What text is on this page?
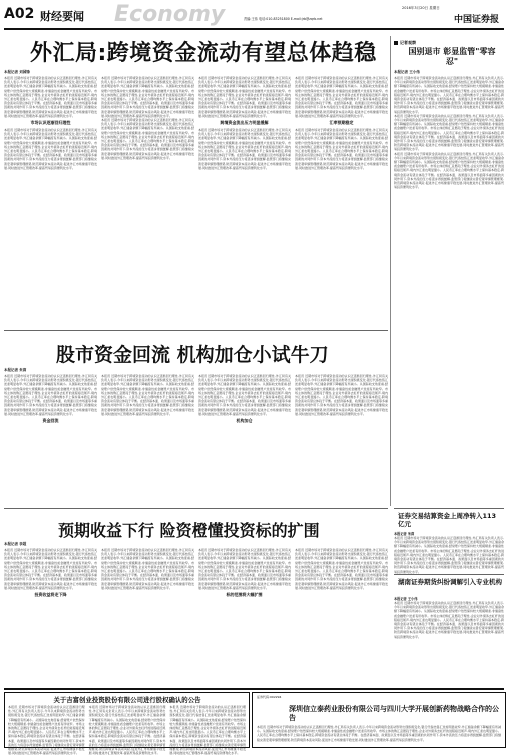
A02 财经要闻 Economy	2016年3月20日 星期日
责编:王伟 电话:010-83251800 E-mail:jrb@zqrb.net	中国证券报
外汇局:跨境资金流动有望总体趋稳
本报记者 刘国锋
本报讯 近期市场对于跨境资金流动的认识正逐渐回归理性,外汇局有关负责人表示,今年以来跨境资金流动形势出现积极变化,银行代客结售汇逆差明显收窄,外汇储备余额下降幅度有所减小。从国际收支角度看,经常账户依然保持较大规模顺差,非储备性质金融账户逆差有所收窄。市场主体的购汇意愿趋于理性,企业对外债务去杠杆的进程接近尾声,境内外汇差也明显缩小。人民币汇率在合理均衡水平上保持基本稳定,跨境资金流动有望总体趋于平衡。在经济基本面、政策面以及市场面等多重因素的共同作用下,资本外流的压力将逐步得到缓解,监管部门将继续完善宏观审慎管理框架,防范跨境资本流动风险,促进外汇市场健康平稳发展,同时推进外汇管理改革,提高贸易投资便利化水平。
市场认识逐渐回归理性
本报讯 近期市场对于跨境资金流动的认识正逐渐回归理性,外汇局有关负责人表示,今年以来跨境资金流动形势出现积极变化,银行代客结售汇逆差明显收窄,外汇储备余额下降幅度有所减小。从国际收支角度看,经常账户依然保持较大规模顺差,非储备性质金融账户逆差有所收窄。市场主体的购汇意愿趋于理性,企业对外债务去杠杆的进程接近尾声,境内外汇差也明显缩小。人民币汇率在合理均衡水平上保持基本稳定,跨境资金流动有望总体趋于平衡。在经济基本面、政策面以及市场面等多重因素的共同作用下,资本外流的压力将逐步得到缓解,监管部门将继续完善宏观审慎管理框架,防范跨境资本流动风险,促进外汇市场健康平稳发展,同时推进外汇管理改革,提高贸易投资便利化水平。
本报讯 近期市场对于跨境资金流动的认识正逐渐回归理性,外汇局有关负责人表示,今年以来跨境资金流动形势出现积极变化,银行代客结售汇逆差明显收窄,外汇储备余额下降幅度有所减小。从国际收支角度看,经常账户依然保持较大规模顺差,非储备性质金融账户逆差有所收窄。市场主体的购汇意愿趋于理性,企业对外债务去杠杆的进程接近尾声,境内外汇差也明显缩小。人民币汇率在合理均衡水平上保持基本稳定,跨境资金流动有望总体趋于平衡。在经济基本面、政策面以及市场面等多重因素的共同作用下,资本外流的压力将逐步得到缓解,监管部门将继续完善宏观审慎管理框架,防范跨境资本流动风险,促进外汇市场健康平稳发展,同时推进外汇管理改革,提高贸易投资便利化水平。
本报讯 近期市场对于跨境资金流动的认识正逐渐回归理性,外汇局有关负责人表示,今年以来跨境资金流动形势出现积极变化,银行代客结售汇逆差明显收窄,外汇储备余额下降幅度有所减小。从国际收支角度看,经常账户依然保持较大规模顺差,非储备性质金融账户逆差有所收窄。市场主体的购汇意愿趋于理性,企业对外债务去杠杆的进程接近尾声,境内外汇差也明显缩小。人民币汇率在合理均衡水平上保持基本稳定,跨境资金流动有望总体趋于平衡。在经济基本面、政策面以及市场面等多重因素的共同作用下,资本外流的压力将逐步得到缓解,监管部门将继续完善宏观审慎管理框架,防范跨境资本流动风险,促进外汇市场健康平稳发展,同时推进外汇管理改革,提高贸易投资便利化水平。
本报讯 近期市场对于跨境资金流动的认识正逐渐回归理性,外汇局有关负责人表示,今年以来跨境资金流动形势出现积极变化,银行代客结售汇逆差明显收窄,外汇储备余额下降幅度有所减小。从国际收支角度看,经常账户依然保持较大规模顺差,非储备性质金融账户逆差有所收窄。市场主体的购汇意愿趋于理性,企业对外债务去杠杆的进程接近尾声,境内外汇差也明显缩小。人民币汇率在合理均衡水平上保持基本稳定,跨境资金流动有望总体趋于平衡。在经济基本面、政策面以及市场面等多重因素的共同作用下,资本外流的压力将逐步得到缓解,监管部门将继续完善宏观审慎管理框架,防范跨境资本流动风险,促进外汇市场健康平稳发展,同时推进外汇管理改革,提高贸易投资便利化水平。
跨境资金流出压力明显缓解
本报讯 近期市场对于跨境资金流动的认识正逐渐回归理性,外汇局有关负责人表示,今年以来跨境资金流动形势出现积极变化,银行代客结售汇逆差明显收窄,外汇储备余额下降幅度有所减小。从国际收支角度看,经常账户依然保持较大规模顺差,非储备性质金融账户逆差有所收窄。市场主体的购汇意愿趋于理性,企业对外债务去杠杆的进程接近尾声,境内外汇差也明显缩小。人民币汇率在合理均衡水平上保持基本稳定,跨境资金流动有望总体趋于平衡。在经济基本面、政策面以及市场面等多重因素的共同作用下,资本外流的压力将逐步得到缓解,监管部门将继续完善宏观审慎管理框架,防范跨境资本流动风险,促进外汇市场健康平稳发展,同时推进外汇管理改革,提高贸易投资便利化水平。
本报讯 近期市场对于跨境资金流动的认识正逐渐回归理性,外汇局有关负责人表示,今年以来跨境资金流动形势出现积极变化,银行代客结售汇逆差明显收窄,外汇储备余额下降幅度有所减小。从国际收支角度看,经常账户依然保持较大规模顺差,非储备性质金融账户逆差有所收窄。市场主体的购汇意愿趋于理性,企业对外债务去杠杆的进程接近尾声,境内外汇差也明显缩小。人民币汇率在合理均衡水平上保持基本稳定,跨境资金流动有望总体趋于平衡。在经济基本面、政策面以及市场面等多重因素的共同作用下,资本外流的压力将逐步得到缓解,监管部门将继续完善宏观审慎管理框架,防范跨境资本流动风险,促进外汇市场健康平稳发展,同时推进外汇管理改革,提高贸易投资便利化水平。
汇率预期稳定
本报讯 近期市场对于跨境资金流动的认识正逐渐回归理性,外汇局有关负责人表示,今年以来跨境资金流动形势出现积极变化,银行代客结售汇逆差明显收窄,外汇储备余额下降幅度有所减小。从国际收支角度看,经常账户依然保持较大规模顺差,非储备性质金融账户逆差有所收窄。市场主体的购汇意愿趋于理性,企业对外债务去杠杆的进程接近尾声,境内外汇差也明显缩小。人民币汇率在合理均衡水平上保持基本稳定,跨境资金流动有望总体趋于平衡。在经济基本面、政策面以及市场面等多重因素的共同作用下,资本外流的压力将逐步得到缓解,监管部门将继续完善宏观审慎管理框架,防范跨境资本流动风险,促进外汇市场健康平稳发展,同时推进外汇管理改革,提高贸易投资便利化水平。
记者观察
国别退市 彰显监管"零容忍"
本报记者 王小伟
本报讯 近期市场对于跨境资金流动的认识正逐渐回归理性,外汇局有关负责人表示,今年以来跨境资金流动形势出现积极变化,银行代客结售汇逆差明显收窄,外汇储备余额下降幅度有所减小。从国际收支角度看,经常账户依然保持较大规模顺差,非储备性质金融账户逆差有所收窄。市场主体的购汇意愿趋于理性,企业对外债务去杠杆的进程接近尾声,境内外汇差也明显缩小。人民币汇率在合理均衡水平上保持基本稳定,跨境资金流动有望总体趋于平衡。在经济基本面、政策面以及市场面等多重因素的共同作用下,资本外流的压力将逐步得到缓解,监管部门将继续完善宏观审慎管理框架,防范跨境资本流动风险,促进外汇市场健康平稳发展,同时推进外汇管理改革,提高贸易投资便利化水平。
本报讯 近期市场对于跨境资金流动的认识正逐渐回归理性,外汇局有关负责人表示,今年以来跨境资金流动形势出现积极变化,银行代客结售汇逆差明显收窄,外汇储备余额下降幅度有所减小。从国际收支角度看,经常账户依然保持较大规模顺差,非储备性质金融账户逆差有所收窄。市场主体的购汇意愿趋于理性,企业对外债务去杠杆的进程接近尾声,境内外汇差也明显缩小。人民币汇率在合理均衡水平上保持基本稳定,跨境资金流动有望总体趋于平衡。在经济基本面、政策面以及市场面等多重因素的共同作用下,资本外流的压力将逐步得到缓解,监管部门将继续完善宏观审慎管理框架,防范跨境资本流动风险,促进外汇市场健康平稳发展,同时推进外汇管理改革,提高贸易投资便利化水平。
本报讯 近期市场对于跨境资金流动的认识正逐渐回归理性,外汇局有关负责人表示,今年以来跨境资金流动形势出现积极变化,银行代客结售汇逆差明显收窄,外汇储备余额下降幅度有所减小。从国际收支角度看,经常账户依然保持较大规模顺差,非储备性质金融账户逆差有所收窄。市场主体的购汇意愿趋于理性,企业对外债务去杠杆的进程接近尾声,境内外汇差也明显缩小。人民币汇率在合理均衡水平上保持基本稳定,跨境资金流动有望总体趋于平衡。在经济基本面、政策面以及市场面等多重因素的共同作用下,资本外流的压力将逐步得到缓解,监管部门将继续完善宏观审慎管理框架,防范跨境资本流动风险,促进外汇市场健康平稳发展,同时推进外汇管理改革,提高贸易投资便利化水平。
股市资金回流 机构加仓小试牛刀
本报记者 朱茵
本报讯 近期市场对于跨境资金流动的认识正逐渐回归理性,外汇局有关负责人表示,今年以来跨境资金流动形势出现积极变化,银行代客结售汇逆差明显收窄,外汇储备余额下降幅度有所减小。从国际收支角度看,经常账户依然保持较大规模顺差,非储备性质金融账户逆差有所收窄。市场主体的购汇意愿趋于理性,企业对外债务去杠杆的进程接近尾声,境内外汇差也明显缩小。人民币汇率在合理均衡水平上保持基本稳定,跨境资金流动有望总体趋于平衡。在经济基本面、政策面以及市场面等多重因素的共同作用下,资本外流的压力将逐步得到缓解,监管部门将继续完善宏观审慎管理框架,防范跨境资本流动风险,促进外汇市场健康平稳发展,同时推进外汇管理改革,提高贸易投资便利化水平。
资金回流
本报讯 近期市场对于跨境资金流动的认识正逐渐回归理性,外汇局有关负责人表示,今年以来跨境资金流动形势出现积极变化,银行代客结售汇逆差明显收窄,外汇储备余额下降幅度有所减小。从国际收支角度看,经常账户依然保持较大规模顺差,非储备性质金融账户逆差有所收窄。市场主体的购汇意愿趋于理性,企业对外债务去杠杆的进程接近尾声,境内外汇差也明显缩小。人民币汇率在合理均衡水平上保持基本稳定,跨境资金流动有望总体趋于平衡。在经济基本面、政策面以及市场面等多重因素的共同作用下,资本外流的压力将逐步得到缓解,监管部门将继续完善宏观审慎管理框架,防范跨境资本流动风险,促进外汇市场健康平稳发展,同时推进外汇管理改革,提高贸易投资便利化水平。
本报讯 近期市场对于跨境资金流动的认识正逐渐回归理性,外汇局有关负责人表示,今年以来跨境资金流动形势出现积极变化,银行代客结售汇逆差明显收窄,外汇储备余额下降幅度有所减小。从国际收支角度看,经常账户依然保持较大规模顺差,非储备性质金融账户逆差有所收窄。市场主体的购汇意愿趋于理性,企业对外债务去杠杆的进程接近尾声,境内外汇差也明显缩小。人民币汇率在合理均衡水平上保持基本稳定,跨境资金流动有望总体趋于平衡。在经济基本面、政策面以及市场面等多重因素的共同作用下,资本外流的压力将逐步得到缓解,监管部门将继续完善宏观审慎管理框架,防范跨境资本流动风险,促进外汇市场健康平稳发展,同时推进外汇管理改革,提高贸易投资便利化水平。
机构加仓
本报讯 近期市场对于跨境资金流动的认识正逐渐回归理性,外汇局有关负责人表示,今年以来跨境资金流动形势出现积极变化,银行代客结售汇逆差明显收窄,外汇储备余额下降幅度有所减小。从国际收支角度看,经常账户依然保持较大规模顺差,非储备性质金融账户逆差有所收窄。市场主体的购汇意愿趋于理性,企业对外债务去杠杆的进程接近尾声,境内外汇差也明显缩小。人民币汇率在合理均衡水平上保持基本稳定,跨境资金流动有望总体趋于平衡。在经济基本面、政策面以及市场面等多重因素的共同作用下,资本外流的压力将逐步得到缓解,监管部门将继续完善宏观审慎管理框架,防范跨境资本流动风险,促进外汇市场健康平稳发展,同时推进外汇管理改革,提高贸易投资便利化水平。
预期收益下行 险资橙懂投资标的扩围
本报记者 李超
本报讯 近期市场对于跨境资金流动的认识正逐渐回归理性,外汇局有关负责人表示,今年以来跨境资金流动形势出现积极变化,银行代客结售汇逆差明显收窄,外汇储备余额下降幅度有所减小。从国际收支角度看,经常账户依然保持较大规模顺差,非储备性质金融账户逆差有所收窄。市场主体的购汇意愿趋于理性,企业对外债务去杠杆的进程接近尾声,境内外汇差也明显缩小。人民币汇率在合理均衡水平上保持基本稳定,跨境资金流动有望总体趋于平衡。在经济基本面、政策面以及市场面等多重因素的共同作用下,资本外流的压力将逐步得到缓解,监管部门将继续完善宏观审慎管理框架,防范跨境资本流动风险,促进外汇市场健康平稳发展,同时推进外汇管理改革,提高贸易投资便利化水平。
投资收益将走下降
本报讯 近期市场对于跨境资金流动的认识正逐渐回归理性,外汇局有关负责人表示,今年以来跨境资金流动形势出现积极变化,银行代客结售汇逆差明显收窄,外汇储备余额下降幅度有所减小。从国际收支角度看,经常账户依然保持较大规模顺差,非储备性质金融账户逆差有所收窄。市场主体的购汇意愿趋于理性,企业对外债务去杠杆的进程接近尾声,境内外汇差也明显缩小。人民币汇率在合理均衡水平上保持基本稳定,跨境资金流动有望总体趋于平衡。在经济基本面、政策面以及市场面等多重因素的共同作用下,资本外流的压力将逐步得到缓解,监管部门将继续完善宏观审慎管理框架,防范跨境资本流动风险,促进外汇市场健康平稳发展,同时推进外汇管理改革,提高贸易投资便利化水平。
本报讯 近期市场对于跨境资金流动的认识正逐渐回归理性,外汇局有关负责人表示,今年以来跨境资金流动形势出现积极变化,银行代客结售汇逆差明显收窄,外汇储备余额下降幅度有所减小。从国际收支角度看,经常账户依然保持较大规模顺差,非储备性质金融账户逆差有所收窄。市场主体的购汇意愿趋于理性,企业对外债务去杠杆的进程接近尾声,境内外汇差也明显缩小。人民币汇率在合理均衡水平上保持基本稳定,跨境资金流动有望总体趋于平衡。在经济基本面、政策面以及市场面等多重因素的共同作用下,资本外流的压力将逐步得到缓解,监管部门将继续完善宏观审慎管理框架,防范跨境资本流动风险,促进外汇市场健康平稳发展,同时推进外汇管理改革,提高贸易投资便利化水平。
标的范围将大幅扩围
本报讯 近期市场对于跨境资金流动的认识正逐渐回归理性,外汇局有关负责人表示,今年以来跨境资金流动形势出现积极变化,银行代客结售汇逆差明显收窄,外汇储备余额下降幅度有所减小。从国际收支角度看,经常账户依然保持较大规模顺差,非储备性质金融账户逆差有所收窄。市场主体的购汇意愿趋于理性,企业对外债务去杠杆的进程接近尾声,境内外汇差也明显缩小。人民币汇率在合理均衡水平上保持基本稳定,跨境资金流动有望总体趋于平衡。在经济基本面、政策面以及市场面等多重因素的共同作用下,资本外流的压力将逐步得到缓解,监管部门将继续完善宏观审慎管理框架,防范跨境资本流动风险,促进外汇市场健康平稳发展,同时推进外汇管理改革,提高贸易投资便利化水平。
证券交易结算资金上周净转入113亿元
本报记者 朱茵
本报讯 近期市场对于跨境资金流动的认识正逐渐回归理性,外汇局有关负责人表示,今年以来跨境资金流动形势出现积极变化,银行代客结售汇逆差明显收窄,外汇储备余额下降幅度有所减小。从国际收支角度看,经常账户依然保持较大规模顺差,非储备性质金融账户逆差有所收窄。市场主体的购汇意愿趋于理性,企业对外债务去杠杆的进程接近尾声,境内外汇差也明显缩小。人民币汇率在合理均衡水平上保持基本稳定,跨境资金流动有望总体趋于平衡。在经济基本面、政策面以及市场面等多重因素的共同作用下,资本外流的压力将逐步得到缓解,监管部门将继续完善宏观审慎管理框架,防范跨境资本流动风险,促进外汇市场健康平稳发展,同时推进外汇管理改革,提高贸易投资便利化水平。
湖南证券期货纠纷调解引入专业机构
本报记者 王小伟
本报讯 近期市场对于跨境资金流动的认识正逐渐回归理性,外汇局有关负责人表示,今年以来跨境资金流动形势出现积极变化,银行代客结售汇逆差明显收窄,外汇储备余额下降幅度有所减小。从国际收支角度看,经常账户依然保持较大规模顺差,非储备性质金融账户逆差有所收窄。市场主体的购汇意愿趋于理性,企业对外债务去杠杆的进程接近尾声,境内外汇差也明显缩小。人民币汇率在合理均衡水平上保持基本稳定,跨境资金流动有望总体趋于平衡。在经济基本面、政策面以及市场面等多重因素的共同作用下,资本外流的压力将逐步得到缓解,监管部门将继续完善宏观审慎管理框架,防范跨境资本流动风险,促进外汇市场健康平稳发展,同时推进外汇管理改革,提高贸易投资便利化水平。
关于吉富创业投资股份有限公司进行股权确认的公告
本报讯 近期市场对于跨境资金流动的认识正逐渐回归理性,外汇局有关负责人表示,今年以来跨境资金流动形势出现积极变化,银行代客结售汇逆差明显收窄,外汇储备余额下降幅度有所减小。从国际收支角度看,经常账户依然保持较大规模顺差,非储备性质金融账户逆差有所收窄。市场主体的购汇意愿趋于理性,企业对外债务去杠杆的进程接近尾声,境内外汇差也明显缩小。人民币汇率在合理均衡水平上保持基本稳定,跨境资金流动有望总体趋于平衡。在经济基本面、政策面以及市场面等多重因素的共同作用下,资本外流的压力将逐步得到缓解,监管部门将继续完善宏观审慎管理框架,防范跨境资本流动风险,促进外汇市场健康平稳发展,同时推进外汇管理改革,提高贸易投资便利化水平。
本报讯 近期市场对于跨境资金流动的认识正逐渐回归理性,外汇局有关负责人表示,今年以来跨境资金流动形势出现积极变化,银行代客结售汇逆差明显收窄,外汇储备余额下降幅度有所减小。从国际收支角度看,经常账户依然保持较大规模顺差,非储备性质金融账户逆差有所收窄。市场主体的购汇意愿趋于理性,企业对外债务去杠杆的进程接近尾声,境内外汇差也明显缩小。人民币汇率在合理均衡水平上保持基本稳定,跨境资金流动有望总体趋于平衡。在经济基本面、政策面以及市场面等多重因素的共同作用下,资本外流的压力将逐步得到缓解,监管部门将继续完善宏观审慎管理框架,防范跨境资本流动风险,促进外汇市场健康平稳发展,同时推进外汇管理改革,提高贸易投资便利化水平。
本报讯 近期市场对于跨境资金流动的认识正逐渐回归理性,外汇局有关负责人表示,今年以来跨境资金流动形势出现积极变化,银行代客结售汇逆差明显收窄,外汇储备余额下降幅度有所减小。从国际收支角度看,经常账户依然保持较大规模顺差,非储备性质金融账户逆差有所收窄。市场主体的购汇意愿趋于理性,企业对外债务去杠杆的进程接近尾声,境内外汇差也明显缩小。人民币汇率在合理均衡水平上保持基本稳定,跨境资金流动有望总体趋于平衡。在经济基本面、政策面以及市场面等多重因素的共同作用下,资本外流的压力将逐步得到缓解,监管部门将继续完善宏观审慎管理框架,防范跨境资本流动风险,促进外汇市场健康平稳发展,同时推进外汇管理改革,提高贸易投资便利化水平。
证券代码:002294
深圳信立泰药业股份有限公司与四川大学开展创新药物战略合作的公告
本报讯 近期市场对于跨境资金流动的认识正逐渐回归理性,外汇局有关负责人表示,今年以来跨境资金流动形势出现积极变化,银行代客结售汇逆差明显收窄,外汇储备余额下降幅度有所减小。从国际收支角度看,经常账户依然保持较大规模顺差,非储备性质金融账户逆差有所收窄。市场主体的购汇意愿趋于理性,企业对外债务去杠杆的进程接近尾声,境内外汇差也明显缩小。人民币汇率在合理均衡水平上保持基本稳定,跨境资金流动有望总体趋于平衡。在经济基本面、政策面以及市场面等多重因素的共同作用下,资本外流的压力将逐步得到缓解,监管部门将继续完善宏观审慎管理框架,防范跨境资本流动风险,促进外汇市场健康平稳发展,同时推进外汇管理改革,提高贸易投资便利化水平。
